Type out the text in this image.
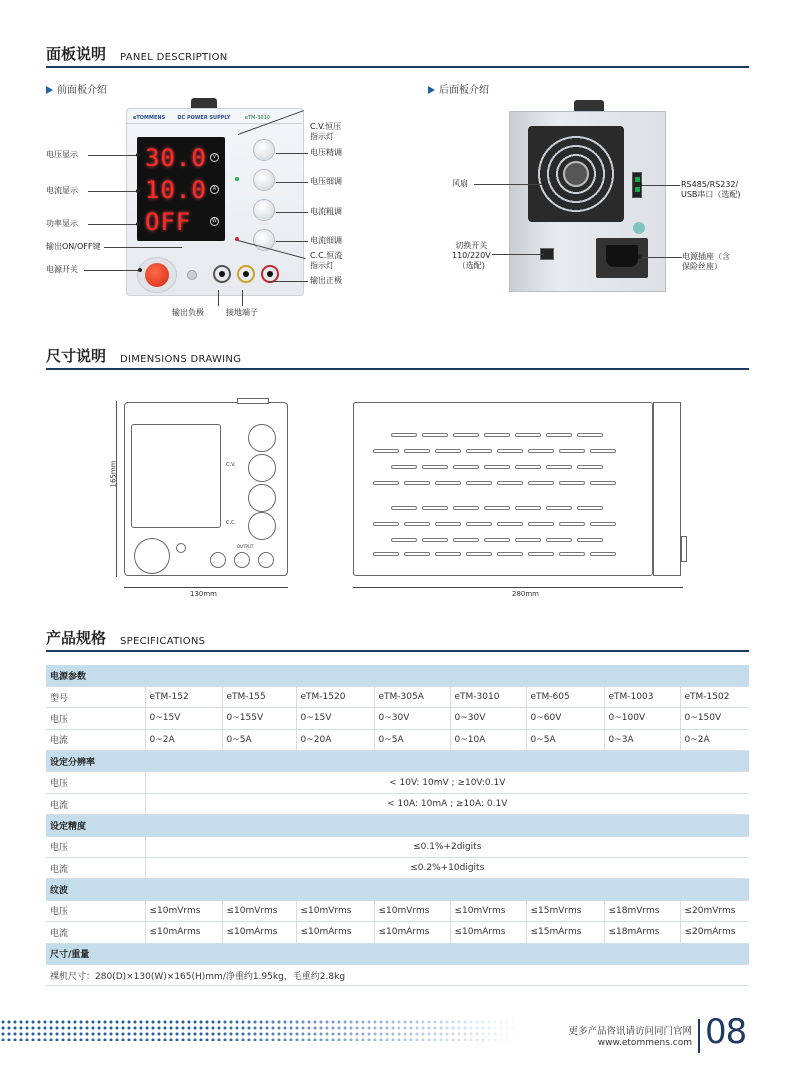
面板说明 PANEL DESCRIPTION
前面板介绍	后面板介绍
eTOMMENS DC POWER SUPPLY	eTM-3010
30.0	V
10.0	A
OFF	W
电压显示
电流显示
功率显示
输出ON/OFF键
电源开关
C.V.恒压
指示灯
电压精调
电压细调
电流粗调
电流细调
C.C.恒流
指示灯
输出正极
输出负极	接地端子
风扇	RS485/RS232/
USB串口（选配)
切换开关
110/220V
（选配)
电源插座（含
保险丝座）
尺寸说明 DIMENSIONS DRAWING
C.V.
C.C.
OUTPUT
165mm
130mm	280mm
产品规格 SPECIFICATIONS
电源参数								
型号	eTM-152	eTM-155	eTM-1520	eTM-305A	eTM-3010	eTM-605	eTM-1003	eTM-1502
电压	0~15V	0~155V	0~15V	0~30V	0~30V	0~60V	0~100V	0~150V
电流	0~2A	0~5A	0~20A	0~5A	0~10A	0~5A	0~3A	0~2A
设定分辨率								
电压	< 10V: 10mV ; ≥10V:0.1V							
电流	< 10A: 10mA ; ≥10A: 0.1V							
设定精度								
电压	≤0.1%+2digits							
电流	≤0.2%+10digits							
纹波								
电压	≤10mVrms	≤10mVrms	≤10mVrms	≤10mVrms	≤10mVrms	≤15mVrms	≤18mVrms	≤20mVrms
电流	≤10mArms	≤10mArms	≤10mArms	≤10mArms	≤10mArms	≤15mArms	≤18mArms	≤20mArms
尺寸/重量								
裸机尺寸：280(D)×130(W)×165(H)mm/净重约1.95kg，毛重约2.8kg								
更多产品咨讯请访问同门官网
www.etommens.com 08
